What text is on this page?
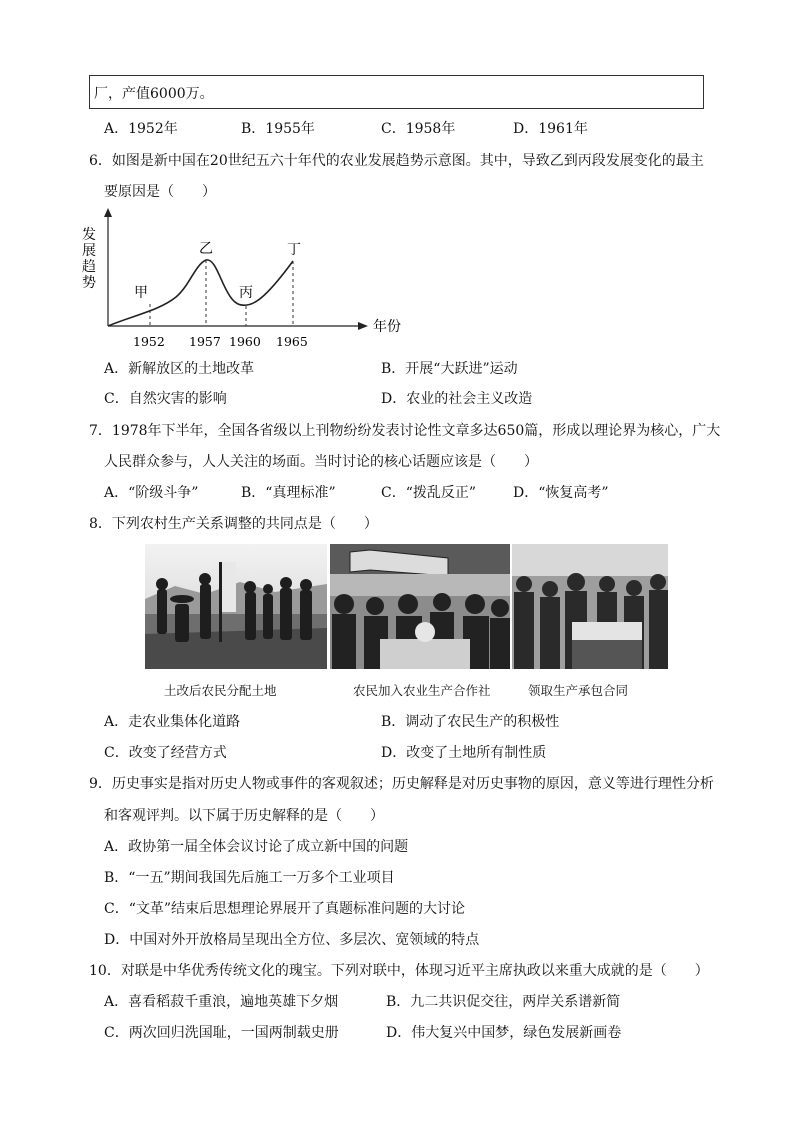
厂，产值6000万。
A．1952年	B．1955年	C．1958年	D．1961年
6．如图是新中国在20世纪五六十年代的农业发展趋势示意图。其中，导致乙到丙段发展变化的最主
要原因是（　　）
发
展
趋
势
年份
甲
乙
丙
丁
1952 1957 1960 1965
A．新解放区的土地改革	B．开展“大跃进”运动
C．自然灾害的影响	D．农业的社会主义改造
7．1978年下半年，全国各省级以上刊物纷纷发表讨论性文章多达650篇，形成以理论界为核心，广大
人民群众参与，人人关注的场面。当时讨论的核心话题应该是（　　）
A．“阶级斗争”	B．“真理标准”	C．“拨乱反正”	D．“恢复高考”
8．下列农村生产关系调整的共同点是（　　）
土改后农民分配土地	农民加入农业生产合作社	领取生产承包合同
A．走农业集体化道路	B．调动了农民生产的积极性
C．改变了经营方式	D．改变了土地所有制性质
9．历史事实是指对历史人物或事件的客观叙述；历史解释是对历史事物的原因，意义等进行理性分析
和客观评判。以下属于历史解释的是（　　）
A．政协第一届全体会议讨论了成立新中国的问题
B．“一五”期间我国先后施工一万多个工业项目
C．“文革”结束后思想理论界展开了真题标准问题的大讨论
D．中国对外开放格局呈现出全方位、多层次、宽领域的特点
10．对联是中华优秀传统文化的瑰宝。下列对联中，体现习近平主席执政以来重大成就的是（　　）
A．喜看稻菽千重浪，遍地英雄下夕烟	B．九二共识促交往，两岸关系谱新简
C．两次回归洗国耻，一国两制载史册	D．伟大复兴中国梦，绿色发展新画卷
